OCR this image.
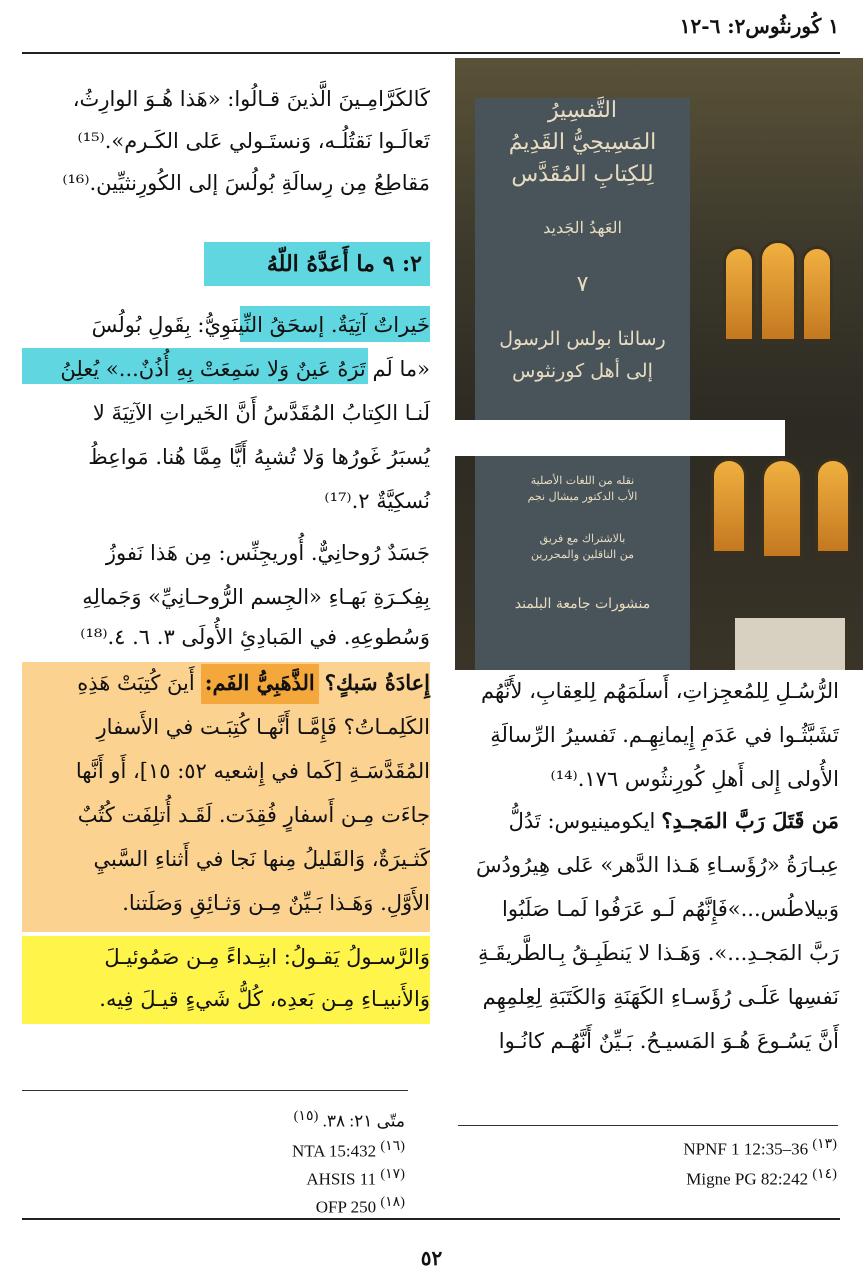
١ كُورنثُوس٢: ٦-١٢
كَالكَرَّامِـينَ الَّذينَ قـالُوا: «هَذا هُـوَ الوارِثُ،
تَعالَـوا نَقتُلُـه، وَنستَـولي عَلى الكَـرم».⁽¹⁵⁾
مَقاطِعُ مِن رِسالَةِ بُولُسَ إلى الكُورِنثيِّين.⁽¹⁶⁾
٢: ٩ ما أَعَدَّهُ اللّهُ
خَيراتٌ آتِيَةٌ. إسحَقُ النِّينَوِيُّ: بِقَولِ بُولُسَ
«ما لَم تَرَهُ عَينٌ وَلا سَمِعَتْ بِهِ أُذُنٌ...» يُعلِنُ
لَنـا الكِتابُ المُقَدَّسُ أَنَّ الخَيراتِ الآتِيَةَ لا
يُسبَرُ غَورُها وَلا تُشبِهُ أَيًّا مِمَّا هُنا. مَواعِظُ
نُسكِيَّةٌ ٢.⁽¹⁷⁾
جَسَدٌ رُوحانِيٌّ. أُوريجِنِّس: مِن هَذا نَفوزُ
بِفِكـرَةِ بَهـاءِ «الجِسم الرُّوحـانِيِّ» وَجَمالِهِ
وَسُطوعِهِ. في المَبادِئِ الأُولَى ٣. ٦. ٤.⁽¹⁸⁾
إِعادَةُ سَبكٍ؟
الذَّهَبِيُّ الفَم:
أَينَ كُتِبَتْ هَذِهِ
الكَلِمـاتُ؟ فَإِمَّـا أَنَّهـا كُتِبَـت في الأَسفارِ
المُقَدَّسَـةِ [كَما في إِشعيه ٥٢: ١٥]، أَو أَنَّها
جاءَت مِـن أَسفارٍ فُقِدَت. لَقَـد أُتلِفَت كُتُبٌ
كَثـيرَةٌ، وَالقَليلُ مِنها نَجا في أَثناءِ السَّبيِ
الأَوَّلِ. وَهَـذا بَـيِّنٌ مِـن وَثـائِقِ وَصَلَتنا.
وَالرَّسـولُ يَقـولُ: ابتِـداءً مِـن صَمُوئيـلَ
وَالأَنبيـاءِ مِـن بَعدِه، كُلُّ شَيءٍ قيـلَ فِيه.
التَّفسِيرُ
المَسِيحِيُّ القَدِيمُ
لِلكِتابِ المُقَدَّس
العَهدُ الجَديد
٧
رسالتا بولس الرسول
إلى أهل كورنثوس
نقله من اللغات الأصلية
الأب الدكتور ميشال نجم
بالاشتراك مع فريق
من الناقلين والمحررين
منشورات جامعة البلمند
الرُّسُـلِ لِلمُعجِزاتِ، أَسلَمَهُم لِلعِقابِ، لأَنَّهُم
تَشَبَّثُـوا في عَدَمِ إِيمانِهِـم. تَفسيرُ الرِّسالَةِ
الأُولى إِلى أَهلِ كُورِنثُوس ١٧٦.⁽¹⁴⁾
مَن قَتَلَ رَبَّ المَجـدِ؟
ايكومينيوس: تَدُلُّ
عِبـارَةُ «رُؤَسـاءِ هَـذا الدَّهر» عَلى هِيرُودُسَ
وَبيلاطُس...»فَإِنَّهُم لَـو عَرَفُوا لَمـا صَلَبُوا
رَبَّ المَجـدِ...». وَهَـذا لا يَنطَبِـقُ بِـالطَّريقَـةِ
نَفسِها عَلَـى رُؤَسـاءِ الكَهَنَةِ وَالكَتَبَةِ لِعِلمِهِم
أَنَّ يَسُـوعَ هُـوَ المَسيـحُ. بَـيِّنٌ أَنَّهُـم كانُـوا
متّى ٢١: ٣٨. $^{(١٥)}$
NTA 15:432 $^{(١٦)}$
AHSIS 11 $^{(١٧)}$
OFP 250 $^{(١٨)}$
NPNF 1 12:35–36 $^{(١٣)}$
Migne PG 82:242 $^{(١٤)}$
٥٢
